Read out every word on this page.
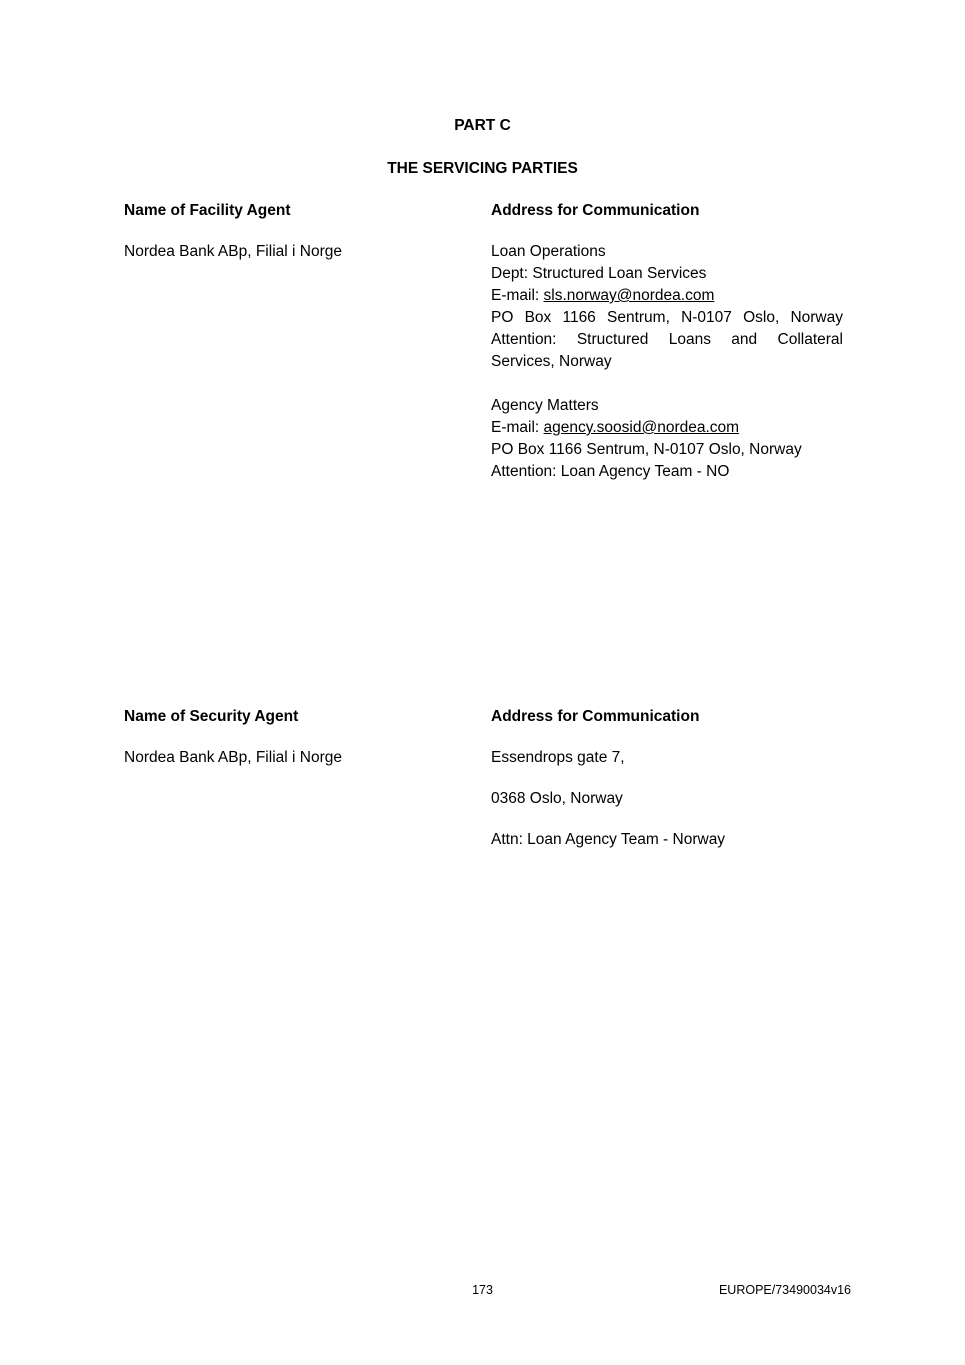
PART C
THE SERVICING PARTIES
Name of Facility Agent	Address for Communication
Nordea Bank ABp, Filial i Norge	Loan Operations
Dept: Structured Loan Services
E-mail: sls.norway@nordea.com
PO Box 1166 Sentrum, N-0107 Oslo, Norway
Attention: Structured Loans and Collateral
Services, Norway
Agency Matters
E-mail: agency.soosid@nordea.com
PO Box 1166 Sentrum, N-0107 Oslo, Norway
Attention: Loan Agency Team - NO
Name of Security Agent	Address for Communication
Nordea Bank ABp, Filial i Norge	Essendrops gate 7,
0368 Oslo, Norway
Attn: Loan Agency Team - Norway
173	EUROPE/73490034v16
